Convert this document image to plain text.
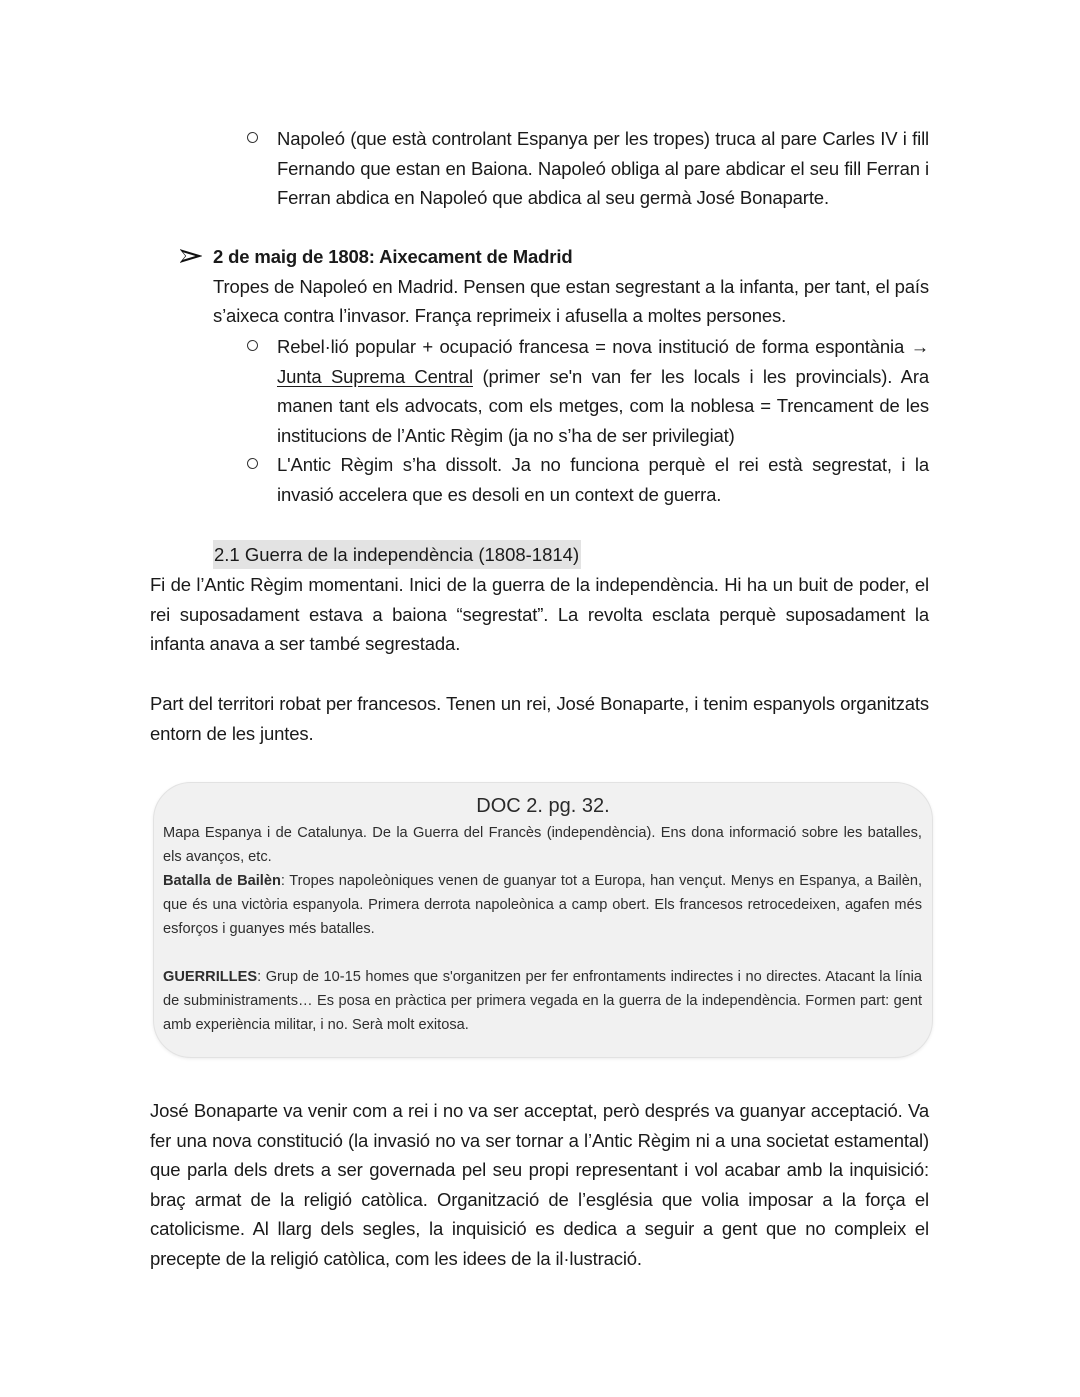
Napoleó (que està controlant Espanya per les tropes) truca al pare Carles IV i fill Fernando que estan en Baiona. Napoleó obliga al pare abdicar el seu fill Ferran i Ferran abdica en Napoleó que abdica al seu germà José Bonaparte.
2 de maig de 1808: Aixecament de Madrid
Tropes de Napoleó en Madrid. Pensen que estan segrestant a la infanta, per tant, el país s’aixeca contra l’invasor. França reprimeix i afusella a moltes persones.
Rebel·lió popular + ocupació francesa = nova institució de forma espontània → Junta Suprema Central (primer se'n van fer les locals i les provincials). Ara manen tant els advocats, com els metges, com la noblesa = Trencament de les institucions de l’Antic Règim (ja no s’ha de ser privilegiat)
L'Antic Règim s’ha dissolt. Ja no funciona perquè el rei està segrestat, i la invasió accelera que es desoli en un context de guerra.
2.1 Guerra de la independència (1808-1814)
Fi de l’Antic Règim momentani. Inici de la guerra de la independència. Hi ha un buit de poder, el rei suposadament estava a baiona “segrestat”. La revolta esclata perquè suposadament la infanta anava a ser també segrestada.
Part del territori robat per francesos. Tenen un rei, José Bonaparte, i tenim espanyols organitzats entorn de les juntes.
DOC 2. pg. 32.

Mapa Espanya i de Catalunya. De la Guerra del Francès (independència). Ens dona informació sobre les batalles, els avanços, etc.

Batalla de Bailèn: Tropes napoleòniques venen de guanyar tot a Europa, han vençut. Menys en Espanya, a Bailèn, que és una victòria espanyola. Primera derrota napoleònica a camp obert. Els francesos retrocedeixen, agafen més esforços i guanyes més batalles.

GUERRILLES: Grup de 10-15 homes que s'organitzen per fer enfrontaments indirectes i no directes. Atacant la línia de subministraments… Es posa en pràctica per primera vegada en la guerra de la independència. Formen part: gent amb experiència militar, i no. Serà molt exitosa.

José Bonaparte va venir com a rei i no va ser acceptat, però després va guanyar acceptació. Va fer una nova constitució (la invasió no va ser tornar a l’Antic Règim ni a una societat estamental) que parla dels drets a ser governada pel seu propi representant i vol acabar amb la inquisició: braç armat de la religió catòlica. Organització de l’església que volia imposar a la força el catolicisme. Al llarg dels segles, la inquisició es dedica a seguir a gent que no compleix el precepte de la religió catòlica, com les idees de la il·lustració.
